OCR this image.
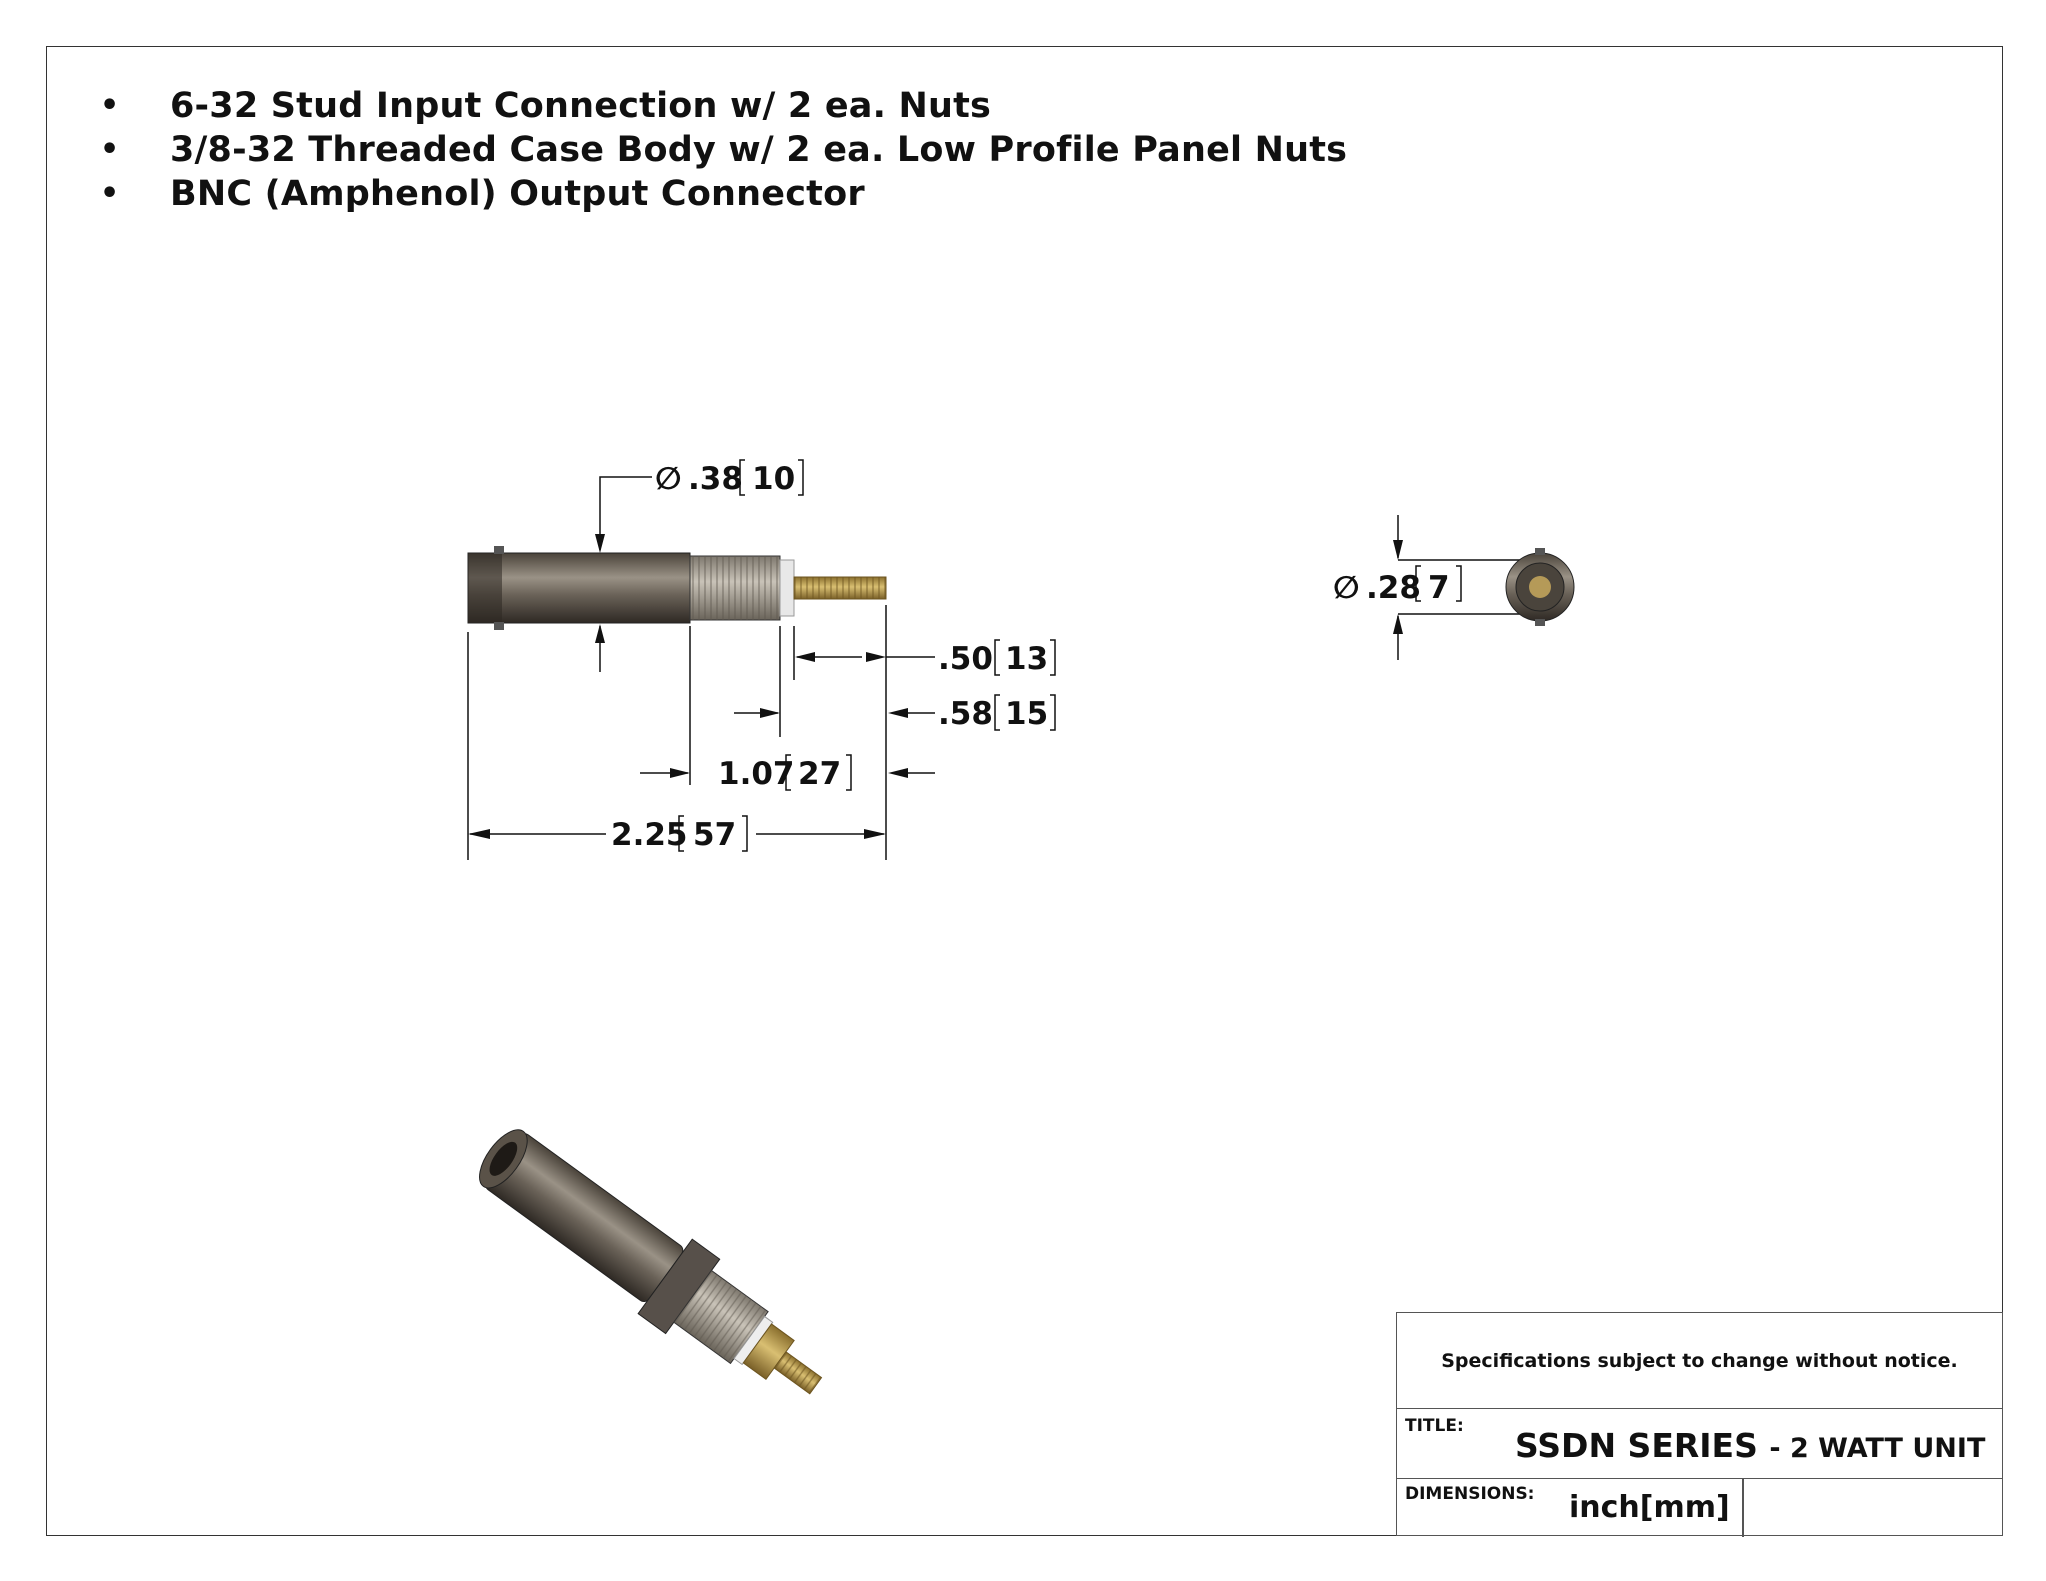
• 6-32 Stud Input Connection w/ 2 ea. Nuts
• 3/8-32 Threaded Case Body w/ 2 ea. Low Profile Panel Nuts
• BNC (Amphenol) Output Connector
∅ .38 10
.50 13
.58 15
1.07 27
2.25 57
∅ .28 7
Specifications subject to change without notice.
TITLE: SSDN SERIES - 2 WATT UNIT
DIMENSIONS: inch[mm]
